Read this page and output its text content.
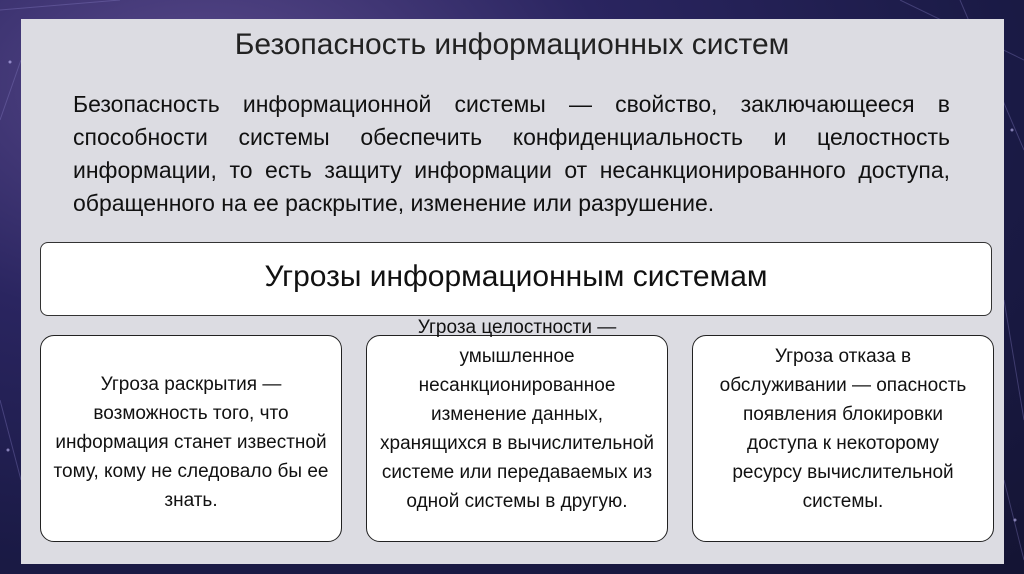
Безопасность информационных систем
Безопасность информационной системы — свойство, заключающееся в способности системы обеспечить конфиденциальность и целостность информации, то есть защиту информации от несанкционированного доступа, обращенного на ее раскрытие, изменение или разрушение.
Угрозы информационным системам
Угроза раскрытия — возможность того, что информация станет известной тому, кому не следовало бы ее знать.
Угроза целостности — умышленное несанкционированное изменение данных, хранящихся в вычислительной системе или передаваемых из одной системы в другую.
Угроза отказа в обслуживании — опасность появления блокировки доступа к некоторому ресурсу вычислительной системы.
